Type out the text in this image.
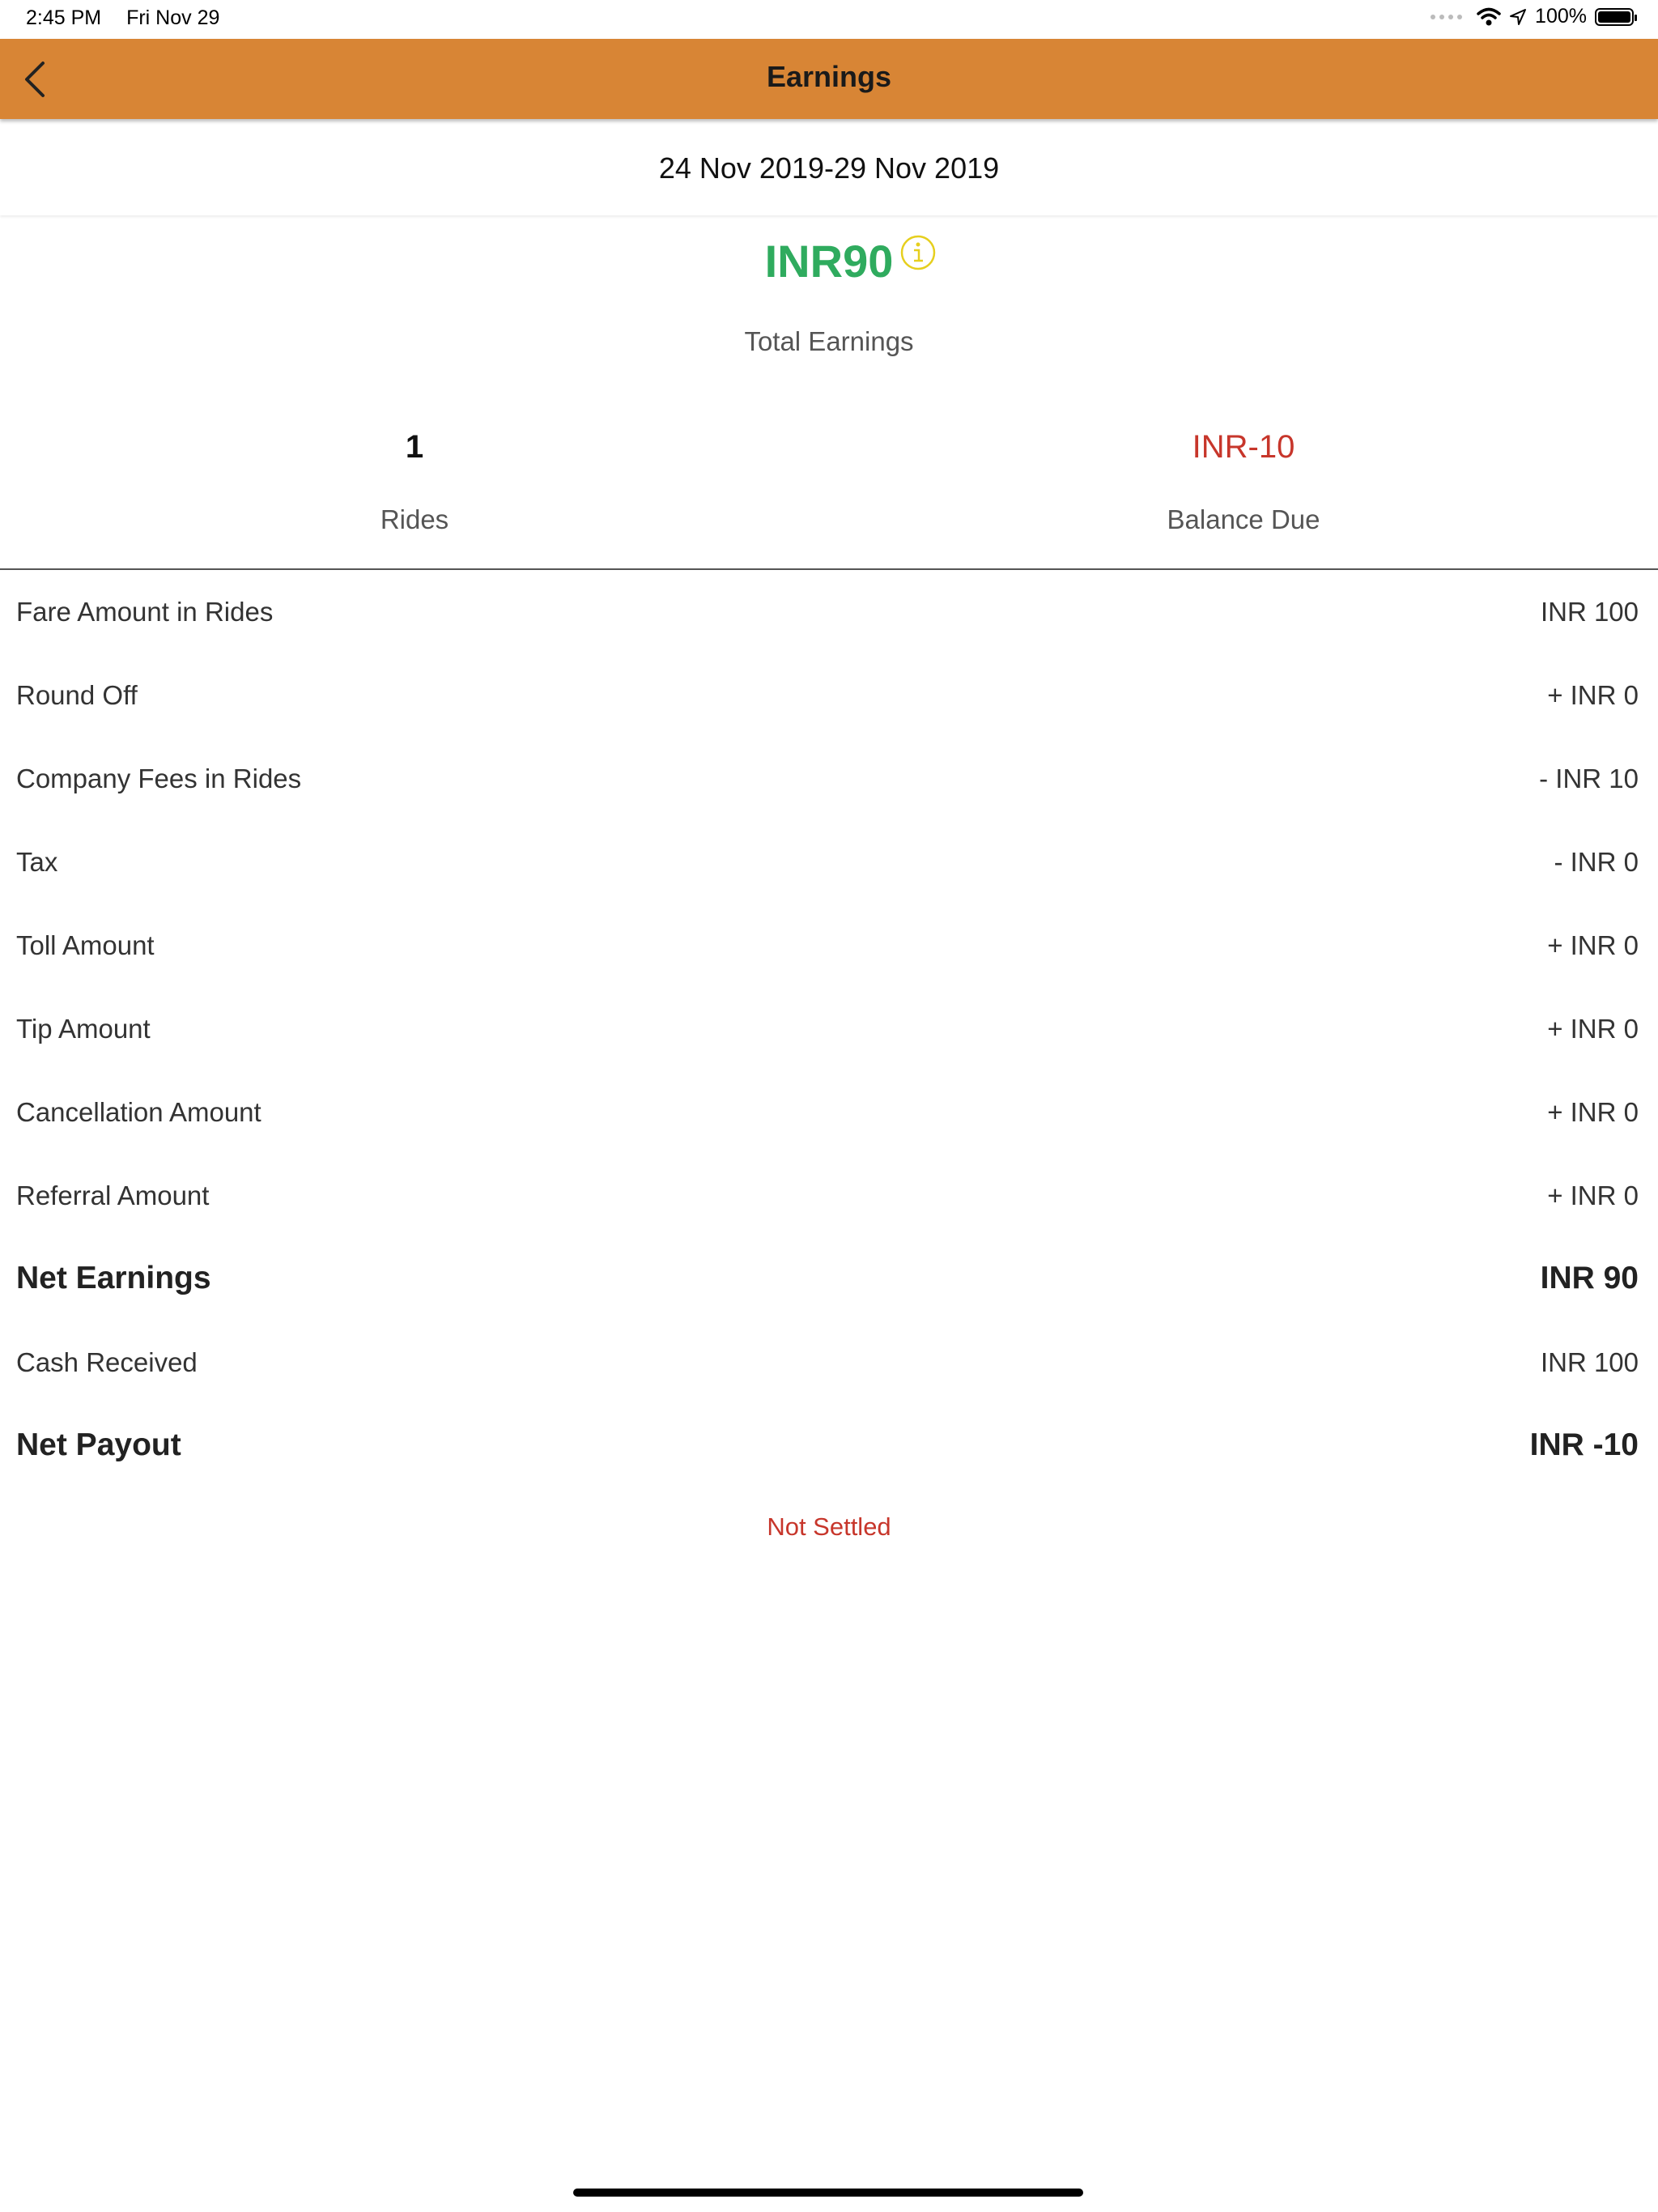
2:45 PM Fri Nov 29	100%
Earnings
24 Nov 2019-29 Nov 2019
INR90
Total Earnings
1
Rides
INR-10
Balance Due
Fare Amount in Rides	INR 100
Round Off	+ INR 0
Company Fees in Rides	- INR 10
Tax	- INR 0
Toll Amount	+ INR 0
Tip Amount	+ INR 0
Cancellation Amount	+ INR 0
Referral Amount	+ INR 0
Net Earnings	INR 90
Cash Received	INR 100
Net Payout	INR -10
Not Settled
